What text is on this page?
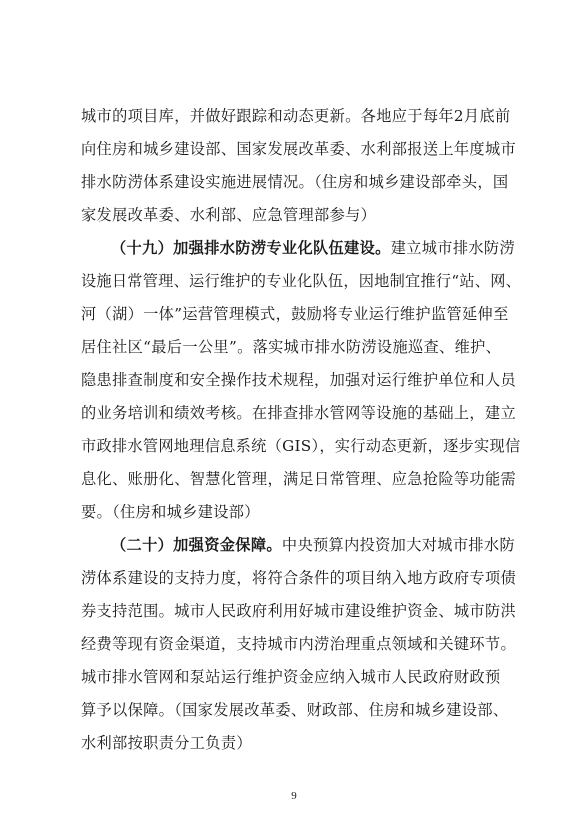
城市的项目库，并做好跟踪和动态更新。各地应于每年2月底前
向住房和城乡建设部、国家发展改革委、水利部报送上年度城市
排水防涝体系建设实施进展情况。（住房和城乡建设部牵头，国
家发展改革委、水利部、应急管理部参与）
（十九）加强排水防涝专业化队伍建设。建立城市排水防涝
设施日常管理、运行维护的专业化队伍，因地制宜推行“站、网、
河（湖）一体”运营管理模式，鼓励将专业运行维护监管延伸至
居住社区“最后一公里”。落实城市排水防涝设施巡查、维护、
隐患排查制度和安全操作技术规程，加强对运行维护单位和人员
的业务培训和绩效考核。在排查排水管网等设施的基础上，建立
市政排水管网地理信息系统（GIS），实行动态更新，逐步实现信
息化、账册化、智慧化管理，满足日常管理、应急抢险等功能需
要。（住房和城乡建设部）
（二十）加强资金保障。中央预算内投资加大对城市排水防
涝体系建设的支持力度，将符合条件的项目纳入地方政府专项债
券支持范围。城市人民政府利用好城市建设维护资金、城市防洪
经费等现有资金渠道，支持城市内涝治理重点领域和关键环节。
城市排水管网和泵站运行维护资金应纳入城市人民政府财政预
算予以保障。（国家发展改革委、财政部、住房和城乡建设部、
水利部按职责分工负责）
9
